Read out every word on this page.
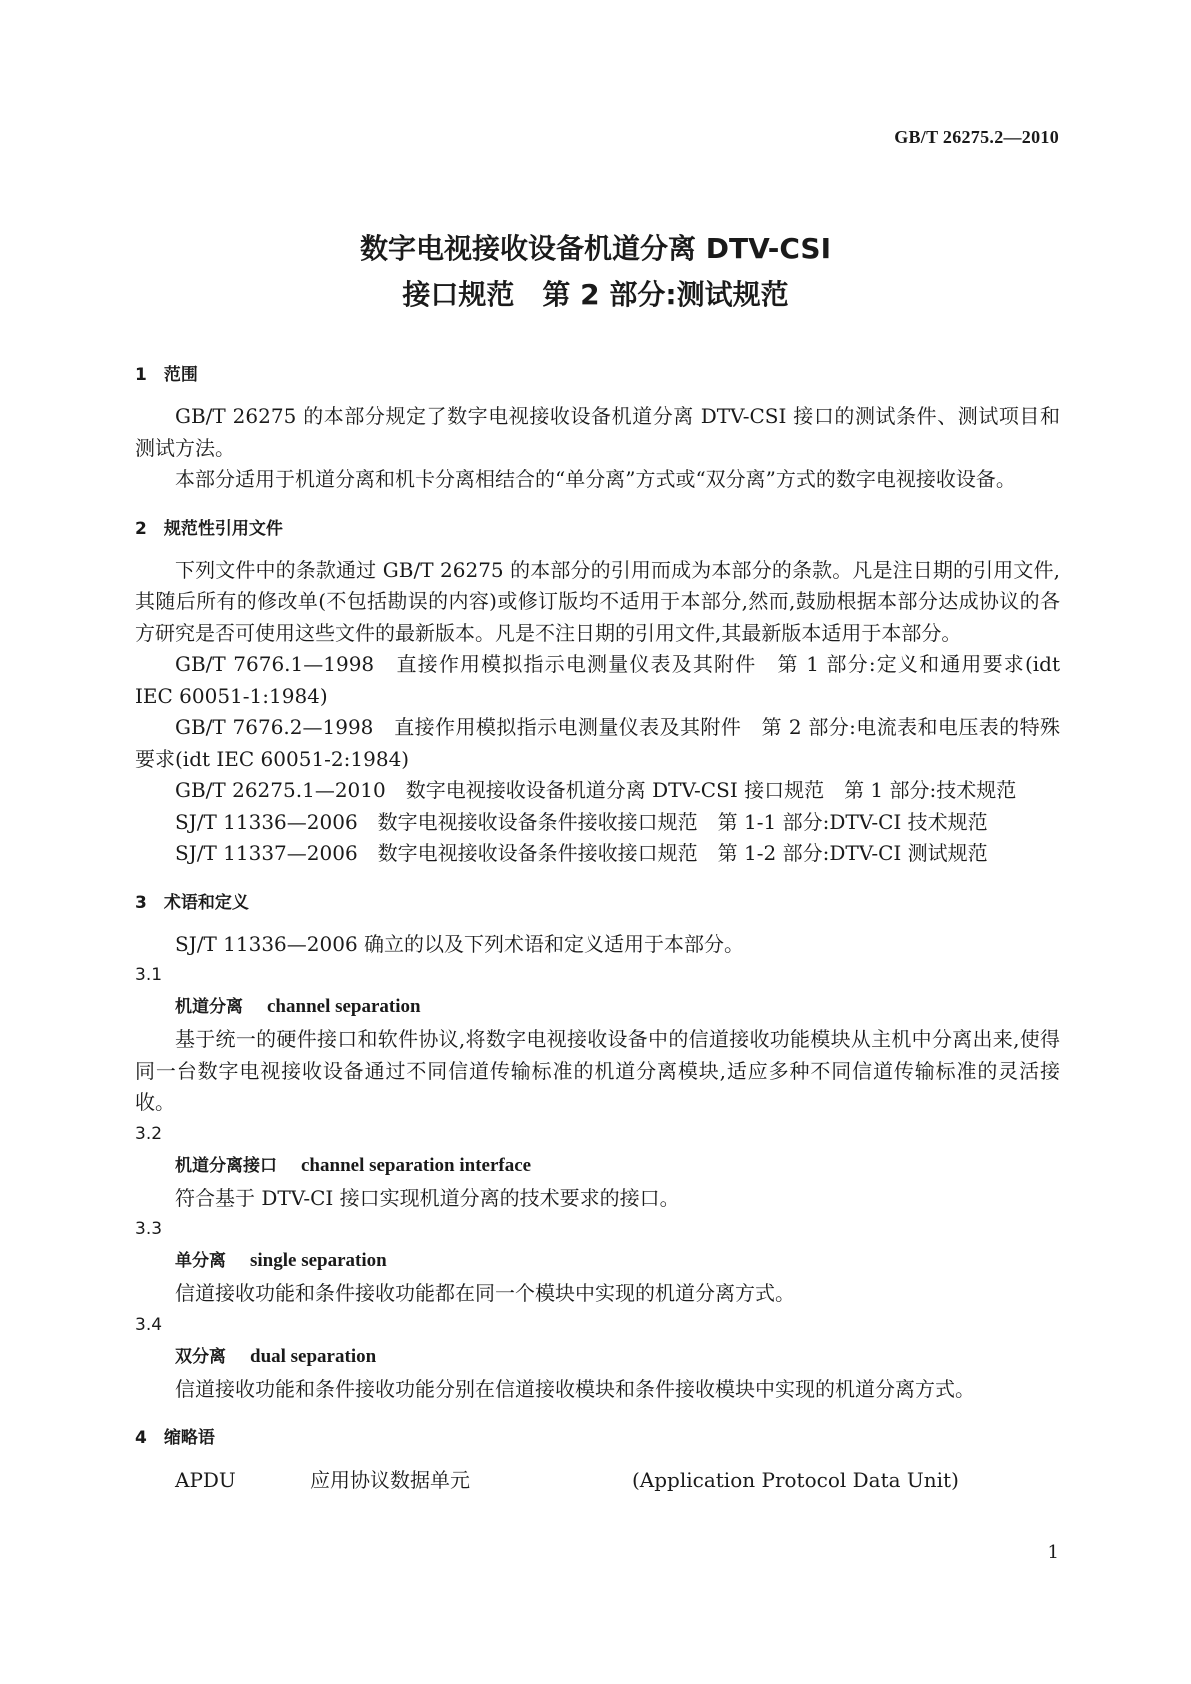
GB/T 26275.2—2010
数字电视接收设备机道分离 DTV-CSI
接口规范　第 2 部分:测试规范
1　范围

GB/T 26275 的本部分规定了数字电视接收设备机道分离 DTV-CSI 接口的测试条件、测试项目和测试方法。

本部分适用于机道分离和机卡分离相结合的“单分离”方式或“双分离”方式的数字电视接收设备。

2　规范性引用文件

下列文件中的条款通过 GB/T 26275 的本部分的引用而成为本部分的条款。凡是注日期的引用文件,其随后所有的修改单(不包括勘误的内容)或修订版均不适用于本部分,然而,鼓励根据本部分达成协议的各方研究是否可使用这些文件的最新版本。凡是不注日期的引用文件,其最新版本适用于本部分。

GB/T 7676.1—1998　直接作用模拟指示电测量仪表及其附件　第 1 部分:定义和通用要求(idt IEC 60051-1:1984)

GB/T 7676.2—1998　直接作用模拟指示电测量仪表及其附件　第 2 部分:电流表和电压表的特殊要求(idt IEC 60051-2:1984)

GB/T 26275.1—2010　数字电视接收设备机道分离 DTV-CSI 接口规范　第 1 部分:技术规范

SJ/T 11336—2006　数字电视接收设备条件接收接口规范　第 1-1 部分:DTV-CI 技术规范

SJ/T 11337—2006　数字电视接收设备条件接收接口规范　第 1-2 部分:DTV-CI 测试规范

3　术语和定义

SJ/T 11336—2006 确立的以及下列术语和定义适用于本部分。

3.1
机道分离 channel separation

基于统一的硬件接口和软件协议,将数字电视接收设备中的信道接收功能模块从主机中分离出来,使得同一台数字电视接收设备通过不同信道传输标准的机道分离模块,适应多种不同信道传输标准的灵活接收。

3.2
机道分离接口 channel separation interface

符合基于 DTV-CI 接口实现机道分离的技术要求的接口。

3.3
单分离 single separation

信道接收功能和条件接收功能都在同一个模块中实现的机道分离方式。

3.4
双分离 dual separation

信道接收功能和条件接收功能分别在信道接收模块和条件接收模块中实现的机道分离方式。

4　缩略语
APDU	应用协议数据单元	(Application Protocol Data Unit)
1
